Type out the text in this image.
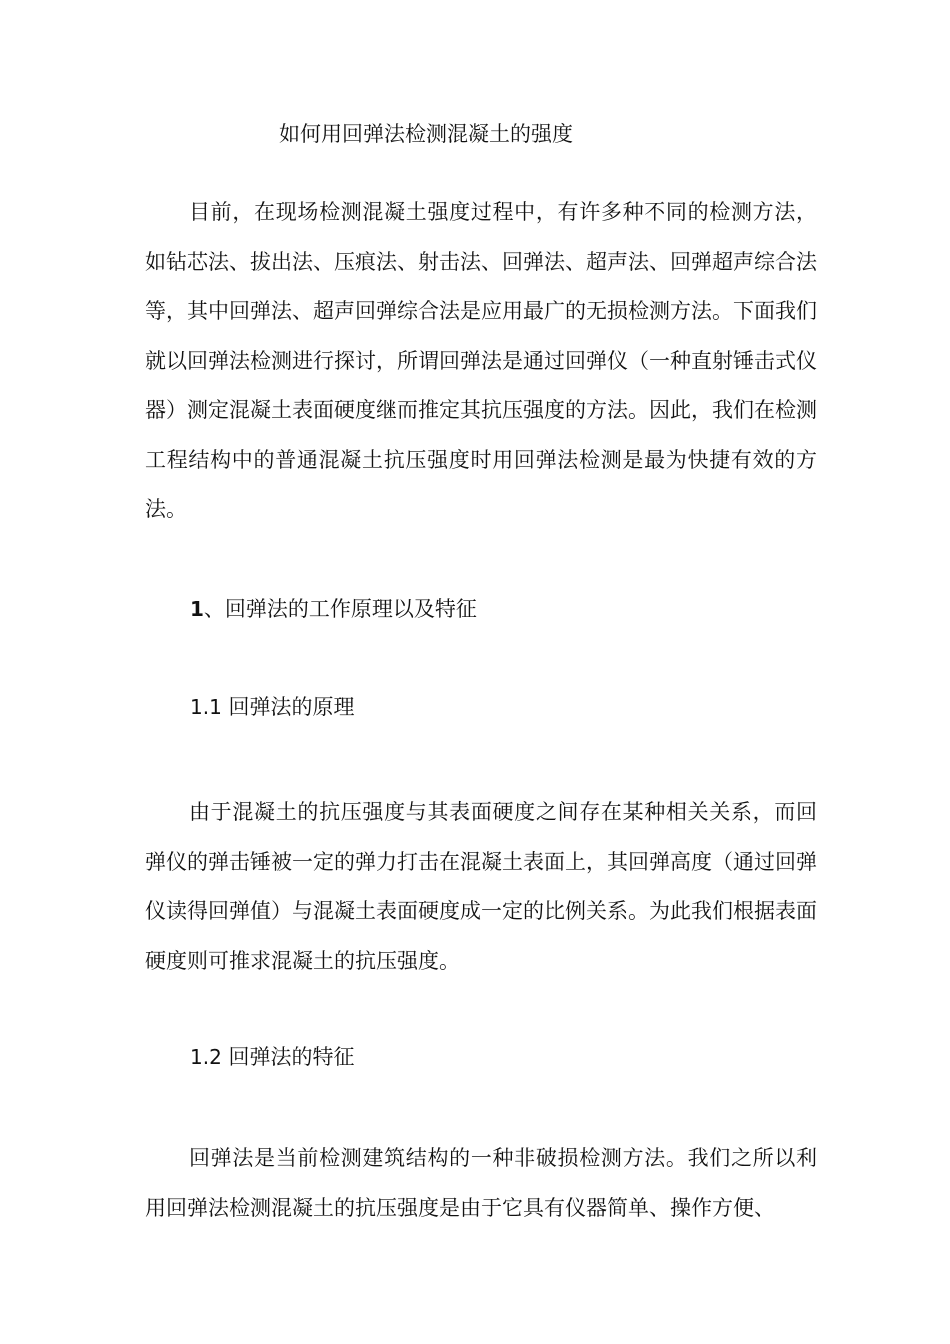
如何用回弹法检测混凝土的强度

目前，在现场检测混凝土强度过程中，有许多种不同的检测方法，如钻芯法、拔出法、压痕法、射击法、回弹法、超声法、回弹超声综合法等，其中回弹法、超声回弹综合法是应用最广的无损检测方法。下面我们就以回弹法检测进行探讨，所谓回弹法是通过回弹仪（一种直射锤击式仪器）测定混凝土表面硬度继而推定其抗压强度的方法。因此，我们在检测工程结构中的普通混凝土抗压强度时用回弹法检测是最为快捷有效的方法。

1、回弹法的工作原理以及特征
1.1 回弹法的原理

由于混凝土的抗压强度与其表面硬度之间存在某种相关关系，而回弹仪的弹击锤被一定的弹力打击在混凝土表面上，其回弹高度（通过回弹仪读得回弹值）与混凝土表面硬度成一定的比例关系。为此我们根据表面硬度则可推求混凝土的抗压强度。

1.2 回弹法的特征

回弹法是当前检测建筑结构的一种非破损检测方法。我们之所以利用回弹法检测混凝土的抗压强度是由于它具有仪器简单、操作方便、
